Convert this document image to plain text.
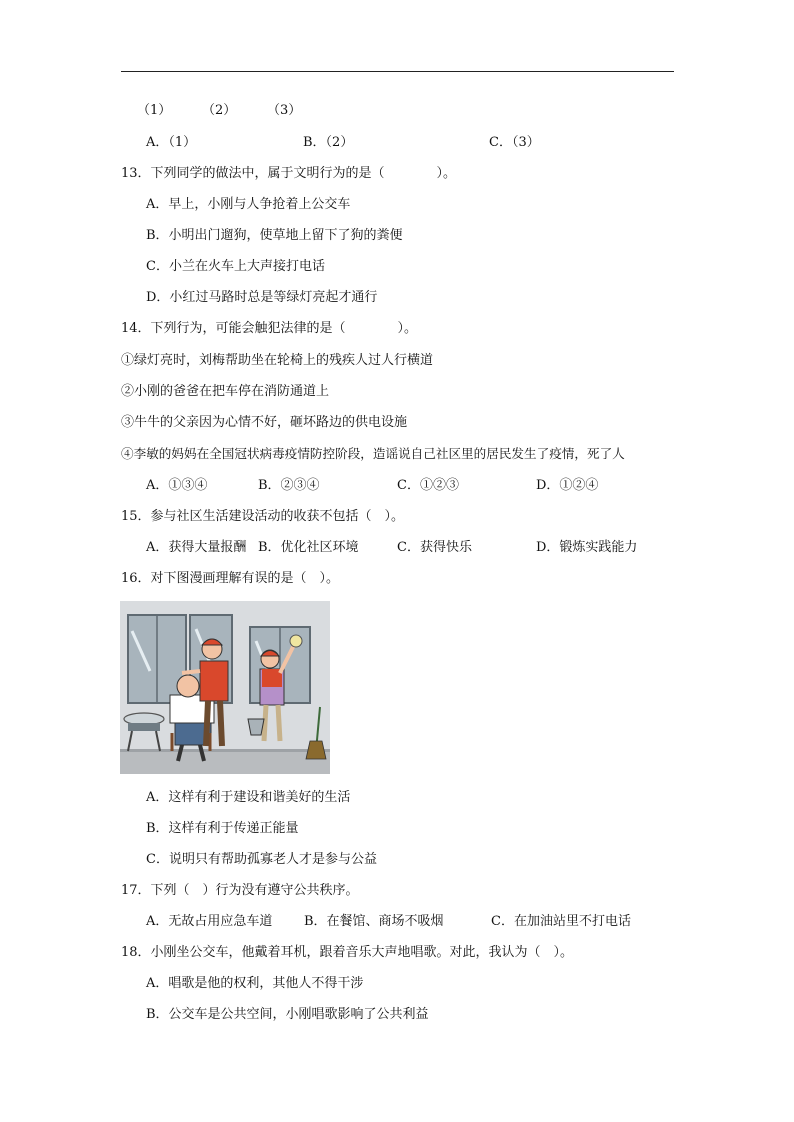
（1） （2） （3）
A．（1）	B．（2）	C．（3）
13．下列同学的做法中，属于文明行为的是（　　　　）。
A．早上，小刚与人争抢着上公交车
B．小明出门遛狗，使草地上留下了狗的粪便
C．小兰在火车上大声接打电话
D．小红过马路时总是等绿灯亮起才通行
14．下列行为，可能会触犯法律的是（　　　　）。
①绿灯亮时，刘梅帮助坐在轮椅上的残疾人过人行横道
②小刚的爸爸在把车停在消防通道上
③牛牛的父亲因为心情不好，砸坏路边的供电设施
④李敏的妈妈在全国冠状病毒疫情防控阶段，造谣说自己社区里的居民发生了疫情，死了人
A．①③④	B．②③④	C．①②③	D．①②④
15．参与社区生活建设活动的收获不包括（　）。
A．获得大量报酬 B．优化社区环境	C．获得快乐	D．锻炼实践能力
16．对下图漫画理解有误的是（　）。
A．这样有利于建设和谐美好的生活
B．这样有利于传递正能量
C．说明只有帮助孤寡老人才是参与公益
17．下列（　）行为没有遵守公共秩序。
A．无故占用应急车道 B．在餐馆、商场不吸烟	C．在加油站里不打电话
18．小刚坐公交车，他戴着耳机，跟着音乐大声地唱歌。对此，我认为（　）。
A．唱歌是他的权利，其他人不得干涉
B．公交车是公共空间，小刚唱歌影响了公共利益
